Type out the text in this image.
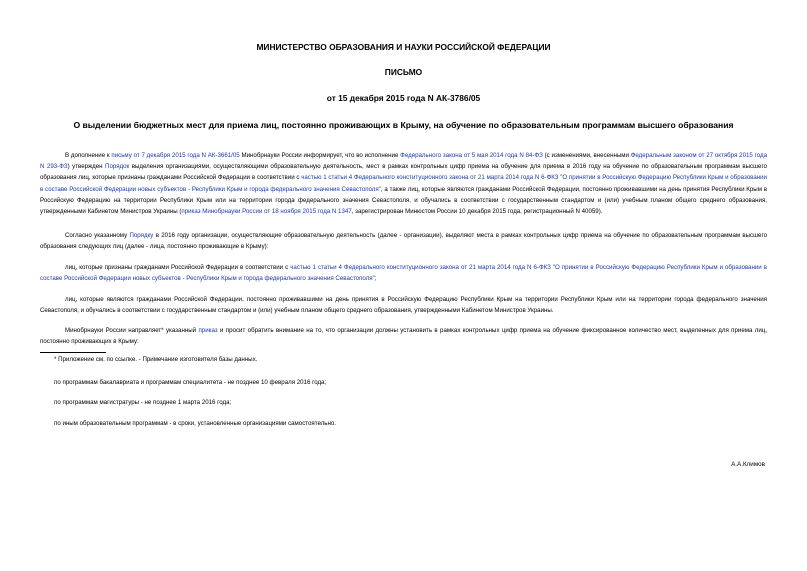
МИНИСТЕРСТВО ОБРАЗОВАНИЯ И НАУКИ РОССИЙСКОЙ ФЕДЕРАЦИИ
ПИСЬМО
от 15 декабря 2015 года N АК-3786/05
О выделении бюджетных мест для приема лиц, постоянно проживающих в Крыму, на обучение по образовательным программам высшего образования

В дополнение к письму от 7 декабря 2015 года N АК-3661/05 Минобрнауки России информирует, что во исполнение Федерального закона от 5 мая 2014 года N 84-ФЗ (с изменениями, внесенными Федеральным законом от 27 октября 2015 года N 293-ФЗ) утвержден Порядок выделения организациями, осуществляющими образовательную деятельность, мест в рамках контрольных цифр приема на обучение для приема в 2016 году на обучение по образовательным программам высшего образования лиц, которые признаны гражданами Российской Федерации в соответствии с частью 1 статьи 4 Федерального конституционного закона от 21 марта 2014 года N 6-ФКЗ "О принятии в Российскую Федерацию Республики Крым и образовании в составе Российской Федерации новых субъектов - Республики Крым и города федерального значения Севастополя", а также лиц, которые являются гражданами Российской Федерации, постоянно проживавшими на день принятия Республики Крым в Российскую Федерацию на территории Республики Крым или на территории города федерального значения Севастополя, и обучались в соответствии с государственным стандартом и (или) учебным планом общего среднего образования, утвержденными Кабинетом Министров Украины (приказ Минобрнауки России от 18 ноября 2015 года N 1347, зарегистрирован Минюстом России 10 декабря 2015 года, регистрационный N 40059).

Согласно указанному Порядку в 2016 году организации, осуществляющие образовательную деятельность (далее - организации), выделяют места в рамках контрольных цифр приема на обучение по образовательным программам высшего образования следующих лиц (далее - лица, постоянно проживающие в Крыму):

лиц, которые признаны гражданами Российской Федерации в соответствии с частью 1 статьи 4 Федерального конституционного закона от 21 марта 2014 года N 6-ФКЗ "О принятии в Российскую Федерацию Республики Крым и образовании в составе Российской Федерации новых субъектов - Республики Крым и города федерального значения Севастополя";

лиц, которые являются гражданами Российской Федерации, постоянно проживавшими на день принятия в Российскую Федерацию Республики Крым на территории Республики Крым или на территории города федерального значения Севастополя, и обучались в соответствии с государственным стандартом и (или) учебным планом общего среднего образования, утвержденными Кабинетом Министров Украины.

Минобрнауки России направляет* указанный приказ и просит обратить внимание на то, что организации должны установить в рамках контрольных цифр приема на обучение фиксированное количество мест, выделенных для приема лиц, постоянно проживающих в Крыму:

* Приложение см. по ссылке. - Примечание изготовителя базы данных.

по программам бакалавриата и программам специалитета - не позднее 10 февраля 2016 года;

по программам магистратуры - не позднее 1 марта 2016 года;

по иным образовательным программам - в сроки, установленные организациями самостоятельно.

А.А.Климов
